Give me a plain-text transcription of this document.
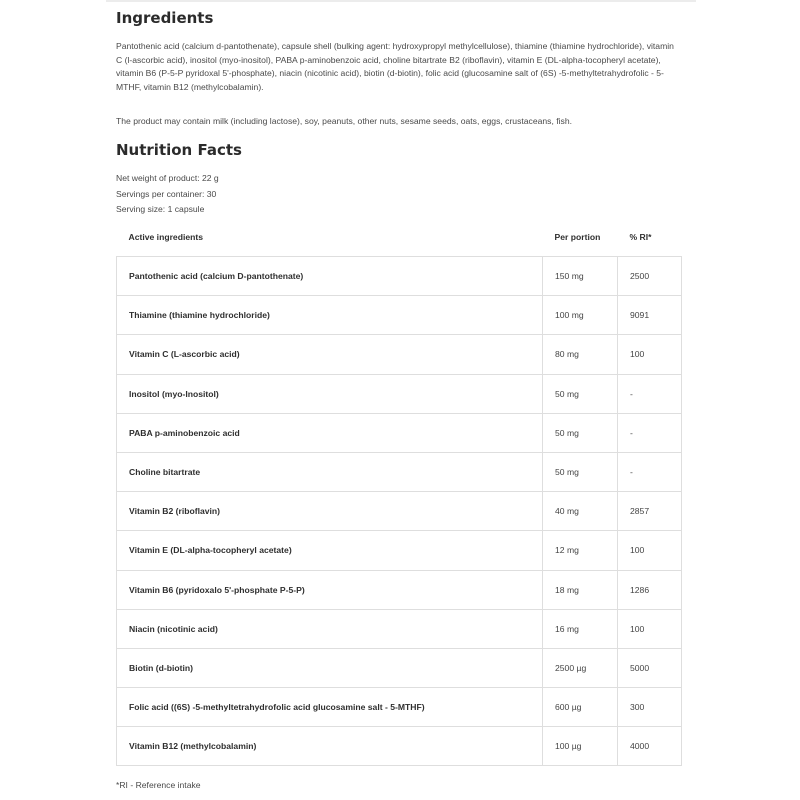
Ingredients

Pantothenic acid (calcium d-pantothenate), capsule shell (bulking agent: hydroxypropyl methylcellulose), thiamine (thiamine hydrochloride), vitamin C (l-ascorbic acid), inositol (myo-inositol), PABA p-aminobenzoic acid, choline bitartrate B2 (riboflavin), vitamin E (DL-alpha-tocopheryl acetate), vitamin B6 (P-5-P pyridoxal 5'-phosphate), niacin (nicotinic acid), biotin (d-biotin), folic acid (glucosamine salt of (6S) -5-methyltetrahydrofolic - 5-MTHF, vitamin B12 (methylcobalamin).

The product may contain milk (including lactose), soy, peanuts, other nuts, sesame seeds, oats, eggs, crustaceans, fish.

Nutrition Facts
Net weight of product: 22 g
Servings per container: 30
Serving size: 1 capsule
Active ingredients	Per portion	% RI*
Pantothenic acid (calcium D-pantothenate)	150 mg	2500
Thiamine (thiamine hydrochloride)	100 mg	9091
Vitamin C (L-ascorbic acid)	80 mg	100
Inositol (myo-Inositol)	50 mg	-
PABA p-aminobenzoic acid	50 mg	-
Choline bitartrate	50 mg	-
Vitamin B2 (riboflavin)	40 mg	2857
Vitamin E (DL-alpha-tocopheryl acetate)	12 mg	100
Vitamin B6 (pyridoxalo 5'-phosphate P-5-P)	18 mg	1286
Niacin (nicotinic acid)	16 mg	100
Biotin (d-biotin)	2500 µg	5000
Folic acid ((6S) -5-methyltetrahydrofolic acid glucosamine salt - 5-MTHF)	600 µg	300
Vitamin B12 (methylcobalamin)	100 µg	4000
*RI - Reference intake
